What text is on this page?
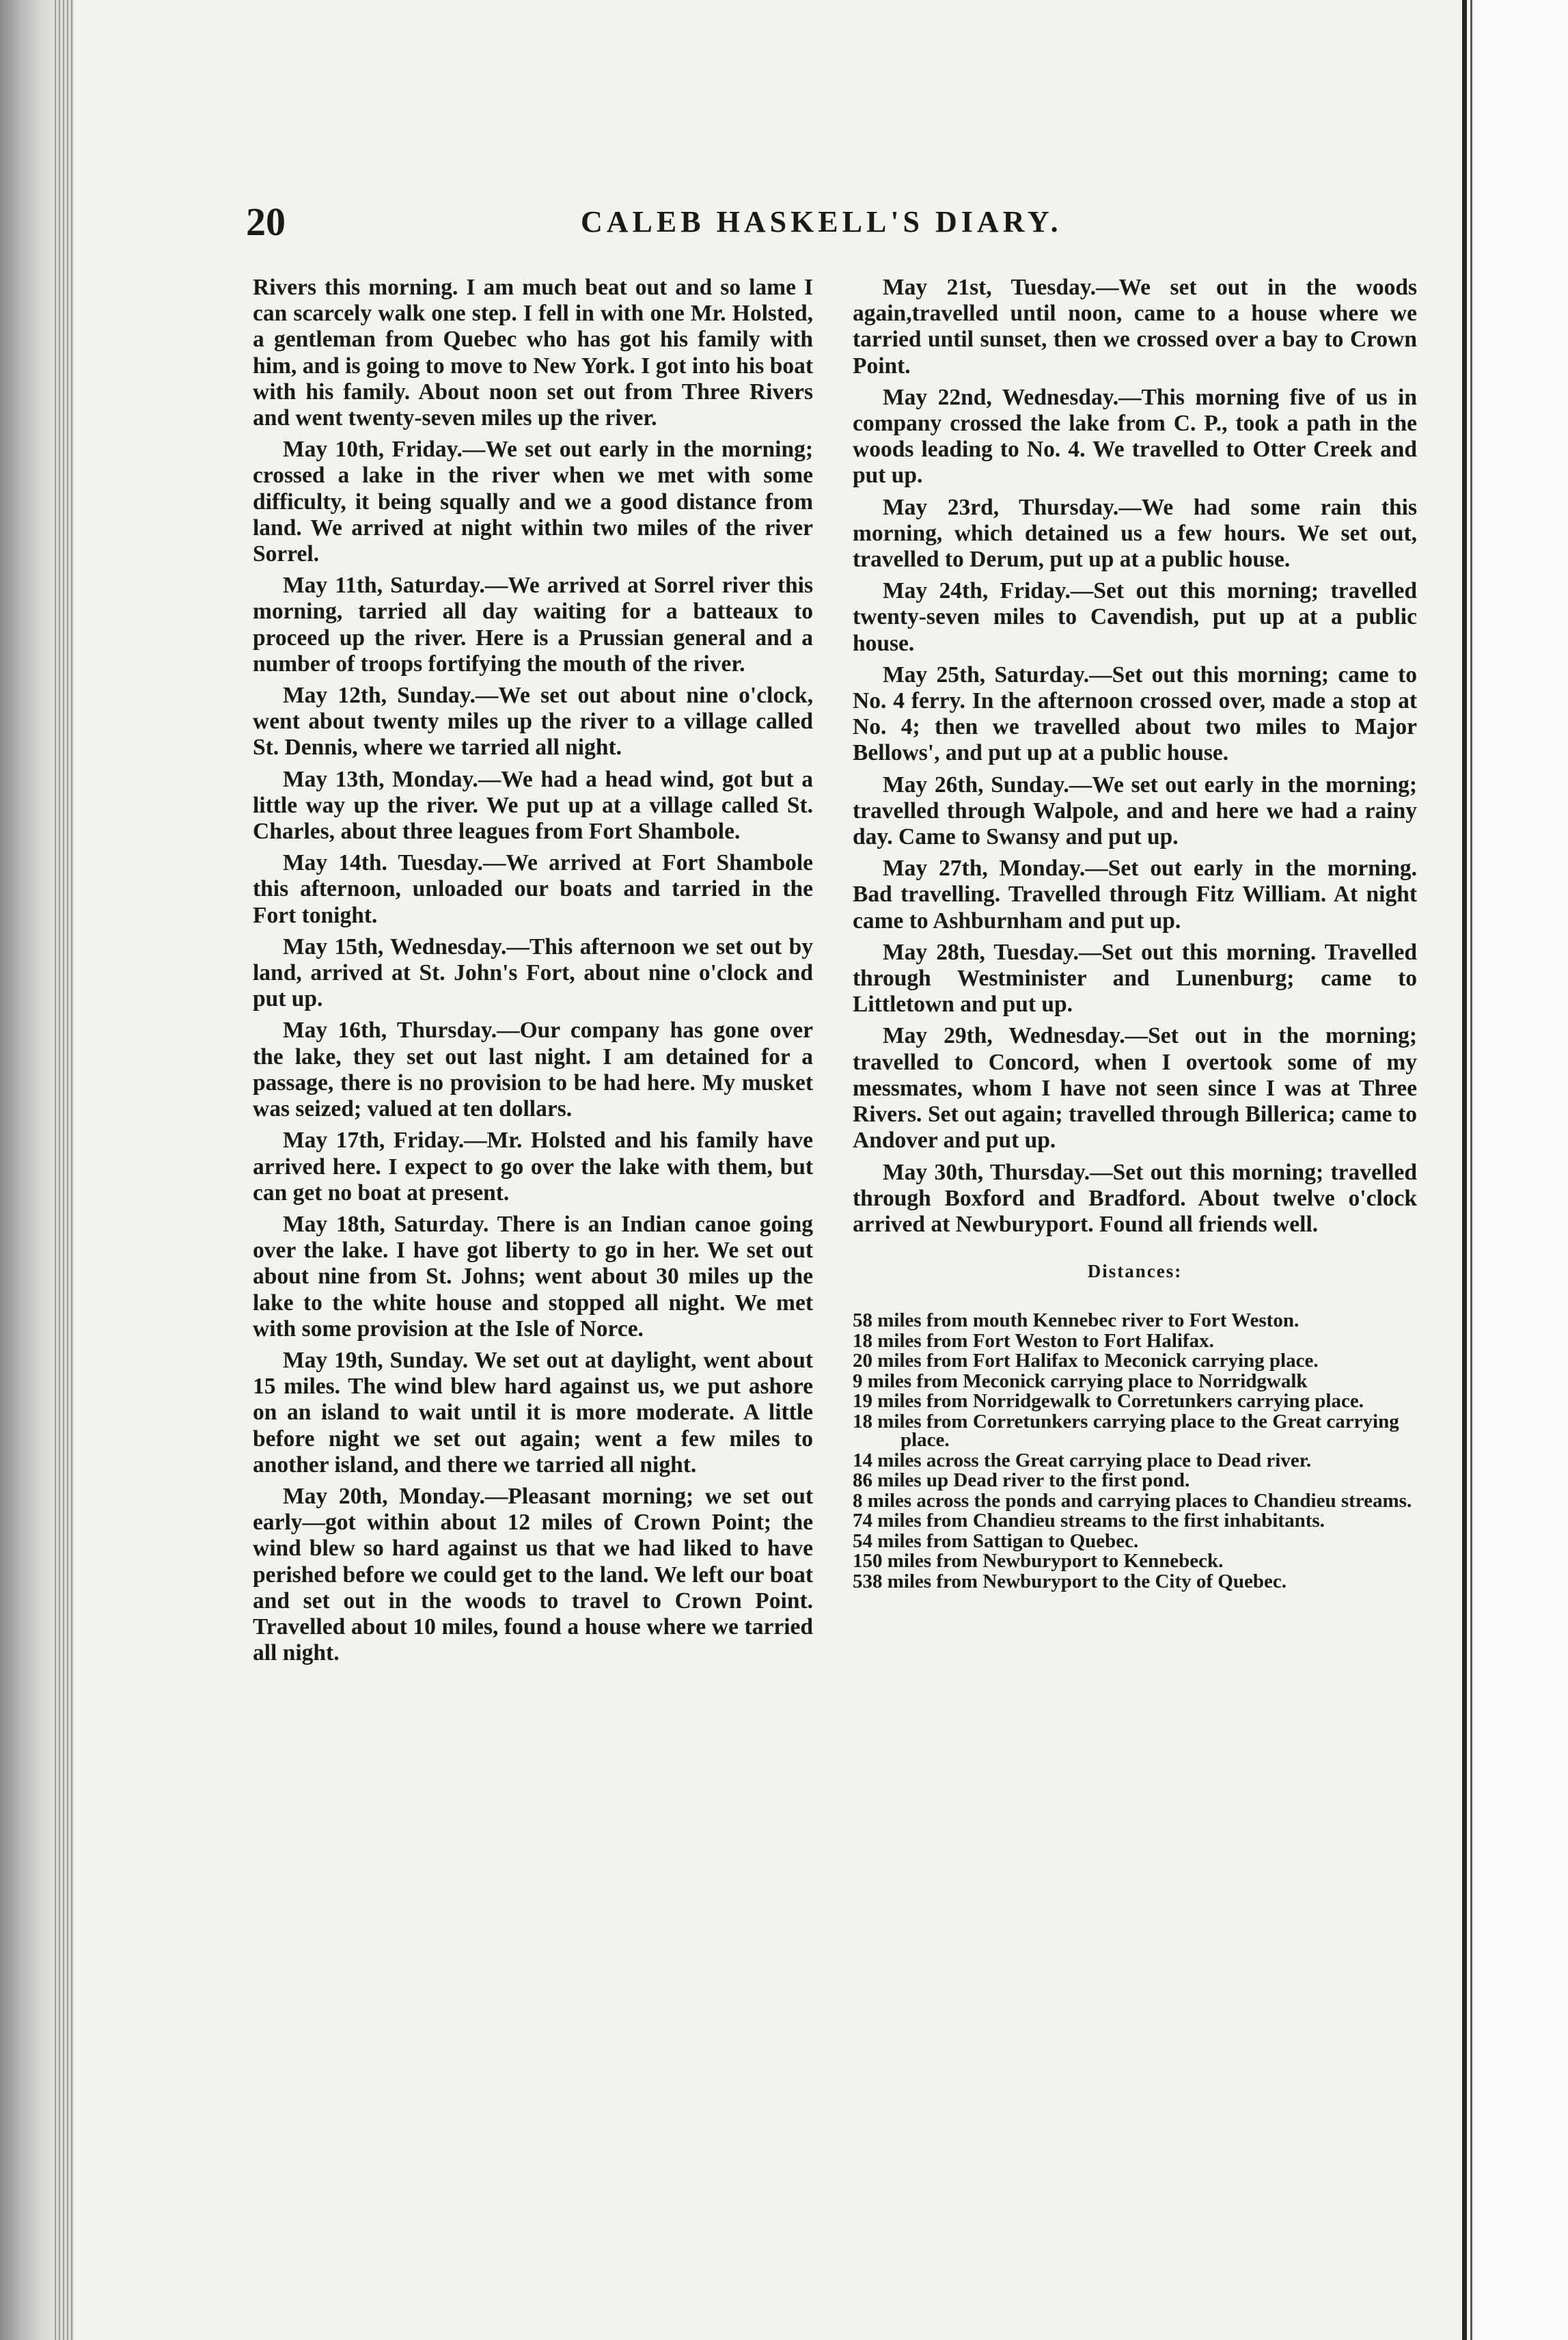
20	CALEB HASKELL'S DIARY.

Rivers this morning. I am much beat out and so lame I can scarcely walk one step. I fell in with one Mr. Holsted, a gentleman from Quebec who has got his family with him, and is going to move to New York. I got into his boat with his family. About noon set out from Three Rivers and went twenty-seven miles up the river.

May 10th, Friday.—We set out early in the morning; crossed a lake in the river when we met with some difficulty, it being squally and we a good distance from land. We arrived at night within two miles of the river Sorrel.

May 11th, Saturday.—We arrived at Sorrel river this morning, tarried all day waiting for a batteaux to proceed up the river. Here is a Prussian general and a number of troops fortifying the mouth of the river.

May 12th, Sunday.—We set out about nine o'clock, went about twenty miles up the river to a village called St. Dennis, where we tarried all night.

May 13th, Monday.—We had a head wind, got but a little way up the river. We put up at a village called St. Charles, about three leagues from Fort Shambole.

May 14th. Tuesday.—We arrived at Fort Shambole this afternoon, unloaded our boats and tarried in the Fort tonight.

May 15th, Wednesday.—This afternoon we set out by land, arrived at St. John's Fort, about nine o'clock and put up.

May 16th, Thursday.—Our company has gone over the lake, they set out last night. I am detained for a passage, there is no provision to be had here. My musket was seized; valued at ten dollars.

May 17th, Friday.—Mr. Holsted and his family have arrived here. I expect to go over the lake with them, but can get no boat at present.

May 18th, Saturday. There is an Indian canoe going over the lake. I have got liberty to go in her. We set out about nine from St. Johns; went about 30 miles up the lake to the white house and stopped all night. We met with some provision at the Isle of Norce.

May 19th, Sunday. We set out at daylight, went about 15 miles. The wind blew hard against us, we put ashore on an island to wait until it is more moderate. A little before night we set out again; went a few miles to another island, and there we tarried all night.

May 20th, Monday.—Pleasant morning; we set out early—got within about 12 miles of Crown Point; the wind blew so hard against us that we had liked to have perished before we could get to the land. We left our boat and set out in the woods to travel to Crown Point. Travelled about 10 miles, found a house where we tarried all night.

May 21st, Tuesday.—We set out in the woods again,travelled until noon, came to a house where we tarried until sunset, then we crossed over a bay to Crown Point.

May 22nd, Wednesday.—This morning five of us in company crossed the lake from C. P., took a path in the woods leading to No. 4. We travelled to Otter Creek and put up.

May 23rd, Thursday.—We had some rain this morning, which detained us a few hours. We set out, travelled to Derum, put up at a public house.

May 24th, Friday.—Set out this morning; travelled twenty-seven miles to Cavendish, put up at a public house.

May 25th, Saturday.—Set out this morning; came to No. 4 ferry. In the afternoon crossed over, made a stop at No. 4; then we travelled about two miles to Major Bellows', and put up at a public house.

May 26th, Sunday.—We set out early in the morning; travelled through Walpole, and and here we had a rainy day. Came to Swansy and put up.

May 27th, Monday.—Set out early in the morning. Bad travelling. Travelled through Fitz William. At night came to Ashburnham and put up.

May 28th, Tuesday.—Set out this morning. Travelled through Westminister and Lunenburg; came to Littletown and put up.

May 29th, Wednesday.—Set out in the morning; travelled to Concord, when I overtook some of my messmates, whom I have not seen since I was at Three Rivers. Set out again; travelled through Billerica; came to Andover and put up.

May 30th, Thursday.—Set out this morning; travelled through Boxford and Bradford. About twelve o'clock arrived at Newburyport. Found all friends well.

Distances:
58 miles from mouth Kennebec river to Fort Weston.
18 miles from Fort Weston to Fort Halifax.
20 miles from Fort Halifax to Meconick carrying place.
9 miles from Meconick carrying place to Norridgwalk
19 miles from Norridgewalk to Corretunkers carrying place.
18 miles from Corretunkers carrying place to the Great carrying place.
14 miles across the Great carrying place to Dead river.
86 miles up Dead river to the first pond.
8 miles across the ponds and carrying places to Chandieu streams.
74 miles from Chandieu streams to the first inhabitants.
54 miles from Sattigan to Quebec.
150 miles from Newburyport to Kennebeck.
538 miles from Newburyport to the City of Quebec.
